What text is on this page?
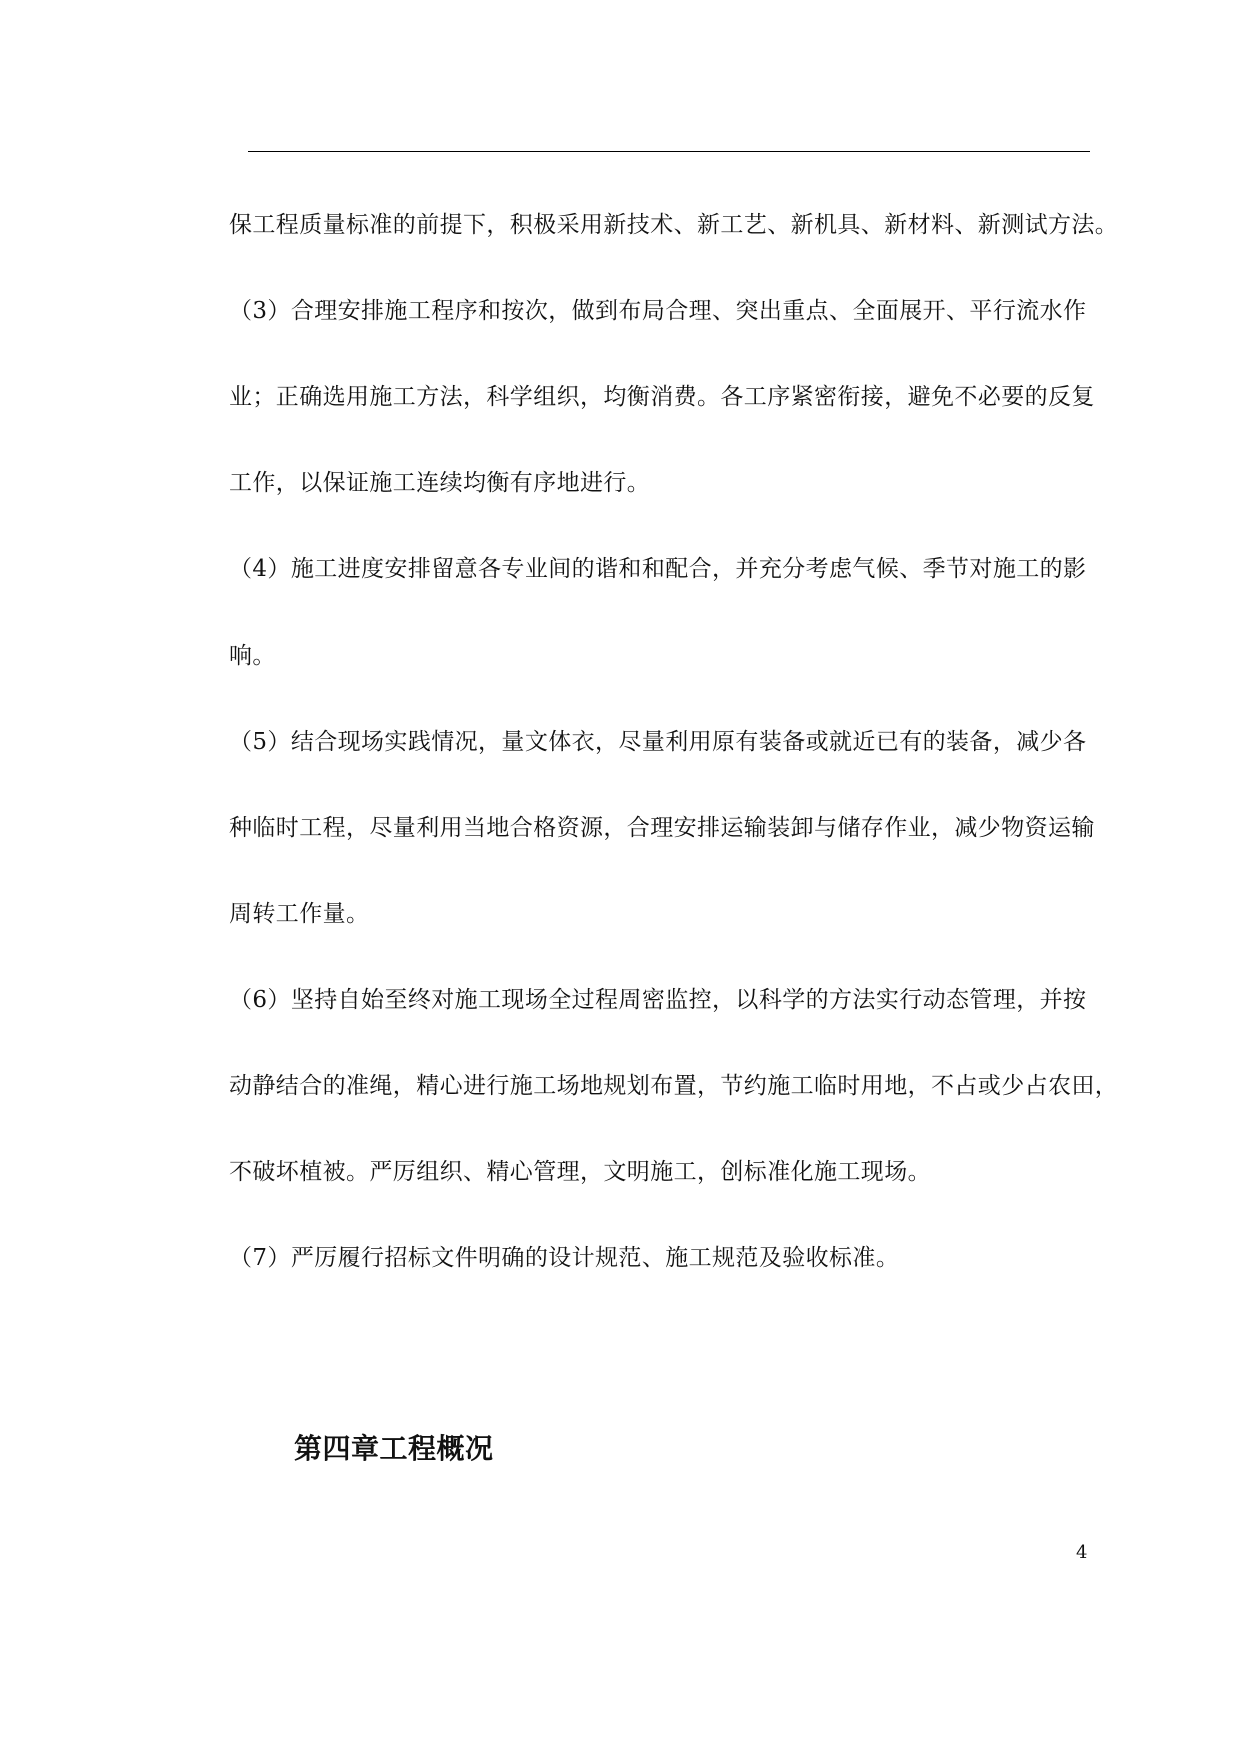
保工程质量标准的前提下，积极采用新技术、新工艺、新机具、新材料、新测试方法。
（3）合理安排施工程序和按次，做到布局合理、突出重点、全面展开、平行流水作
业；正确选用施工方法，科学组织，均衡消费。各工序紧密衔接，避免不必要的反复
工作，以保证施工连续均衡有序地进行。
（4）施工进度安排留意各专业间的谐和和配合，并充分考虑气候、季节对施工的影
响。
（5）结合现场实践情况，量文体衣，尽量利用原有装备或就近已有的装备，减少各
种临时工程，尽量利用当地合格资源，合理安排运输装卸与储存作业，减少物资运输
周转工作量。
（6）坚持自始至终对施工现场全过程周密监控，以科学的方法实行动态管理，并按
动静结合的准绳，精心进行施工场地规划布置，节约施工临时用地，不占或少占农田，
不破坏植被。严厉组织、精心管理，文明施工，创标准化施工现场。
（7）严厉履行招标文件明确的设计规范、施工规范及验收标准。
第四章工程概况
4
